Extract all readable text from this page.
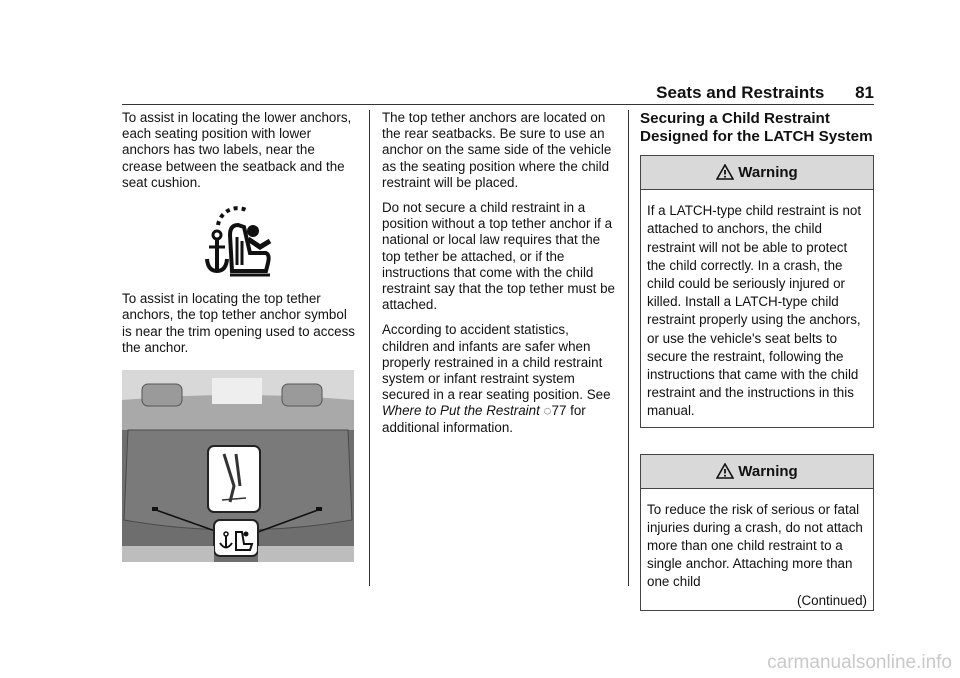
Seats and Restraints 81

To assist in locating the lower anchors, each seating position with lower anchors has two labels, near the crease between the seatback and the seat cushion.

To assist in locating the top tether anchors, the top tether anchor symbol is near the trim opening used to access the anchor.

The top tether anchors are located on the rear seatbacks. Be sure to use an anchor on the same side of the vehicle as the seating position where the child restraint will be placed.

Do not secure a child restraint in a position without a top tether anchor if a national or local law requires that the top tether be attached, or if the instructions that come with the child restraint say that the top tether must be attached.

According to accident statistics, children and infants are safer when properly restrained in a child restraint system or infant restraint system secured in a rear seating position. See Where to Put the Restraint ◌77 for additional information.

Securing a Child Restraint Designed for the LATCH System
Warning
If a LATCH-type child restraint is not attached to anchors, the child restraint will not be able to protect the child correctly. In a crash, the child could be seriously injured or killed. Install a LATCH-type child restraint properly using the anchors, or use the vehicle's seat belts to secure the restraint, following the instructions that came with the child restraint and the instructions in this manual.
Warning
To reduce the risk of serious or fatal injuries during a crash, do not attach more than one child restraint to a single anchor. Attaching more than one child
(Continued)
carmanualsonline.info
